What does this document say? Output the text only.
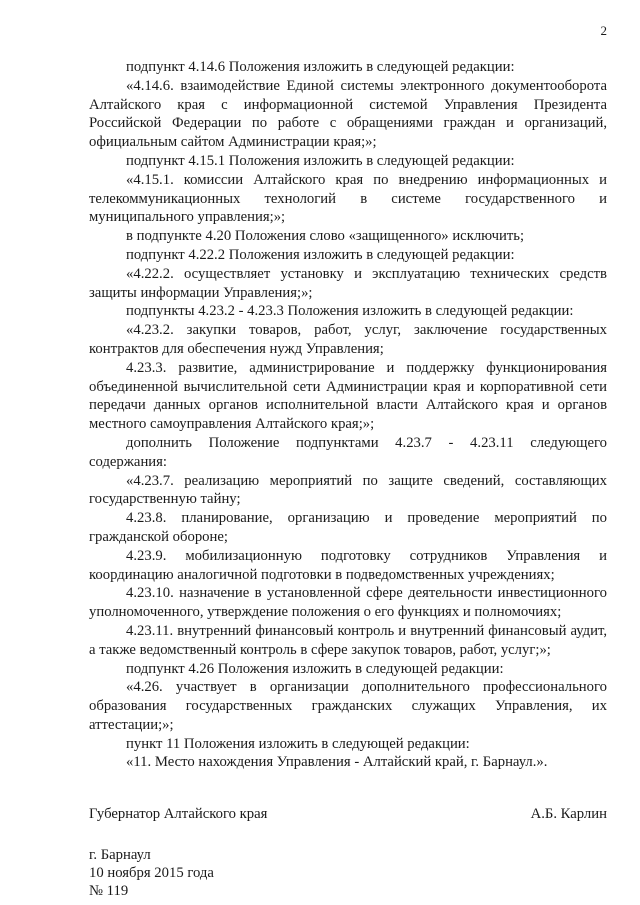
2

подпункт 4.14.6 Положения изложить в следующей редакции:

«4.14.6. взаимодействие Единой системы электронного документооборота Алтайского края с информационной системой Управления Президента Российской Федерации по работе с обращениями граждан и организаций, официальным сайтом Администрации края;»;

подпункт 4.15.1 Положения изложить в следующей редакции:

«4.15.1. комиссии Алтайского края по внедрению информационных и телекоммуникационных технологий в системе государственного и муниципального управления;»;

в подпункте 4.20 Положения слово «защищенного» исключить;

подпункт 4.22.2 Положения изложить в следующей редакции:

«4.22.2. осуществляет установку и эксплуатацию технических средств защиты информации Управления;»;

подпункты 4.23.2 - 4.23.3 Положения изложить в следующей редакции:

«4.23.2. закупки товаров, работ, услуг, заключение государственных контрактов для обеспечения нужд Управления;

4.23.3. развитие, администрирование и поддержку функционирования объединенной вычислительной сети Администрации края и корпоративной сети передачи данных органов исполнительной власти Алтайского края и органов местного самоуправления Алтайского края;»;

дополнить Положение подпунктами 4.23.7 - 4.23.11 следующего содержания:

«4.23.7. реализацию мероприятий по защите сведений, составляющих государственную тайну;

4.23.8. планирование, организацию и проведение мероприятий по гражданской обороне;

4.23.9. мобилизационную подготовку сотрудников Управления и координацию аналогичной подготовки в подведомственных учреждениях;

4.23.10. назначение в установленной сфере деятельности инвестиционного уполномоченного, утверждение положения о его функциях и полномочиях;

4.23.11. внутренний финансовый контроль и внутренний финансовый аудит, а также ведомственный контроль в сфере закупок товаров, работ, услуг;»;

подпункт 4.26 Положения изложить в следующей редакции:

«4.26. участвует в организации дополнительного профессионального образования государственных гражданских служащих Управления, их аттестации;»;

пункт 11 Положения изложить в следующей редакции:

«11. Место нахождения Управления - Алтайский край, г. Барнаул.».

Губернатор Алтайского края	А.Б. Карлин
г. Барнаул
10 ноября 2015 года
№ 119
